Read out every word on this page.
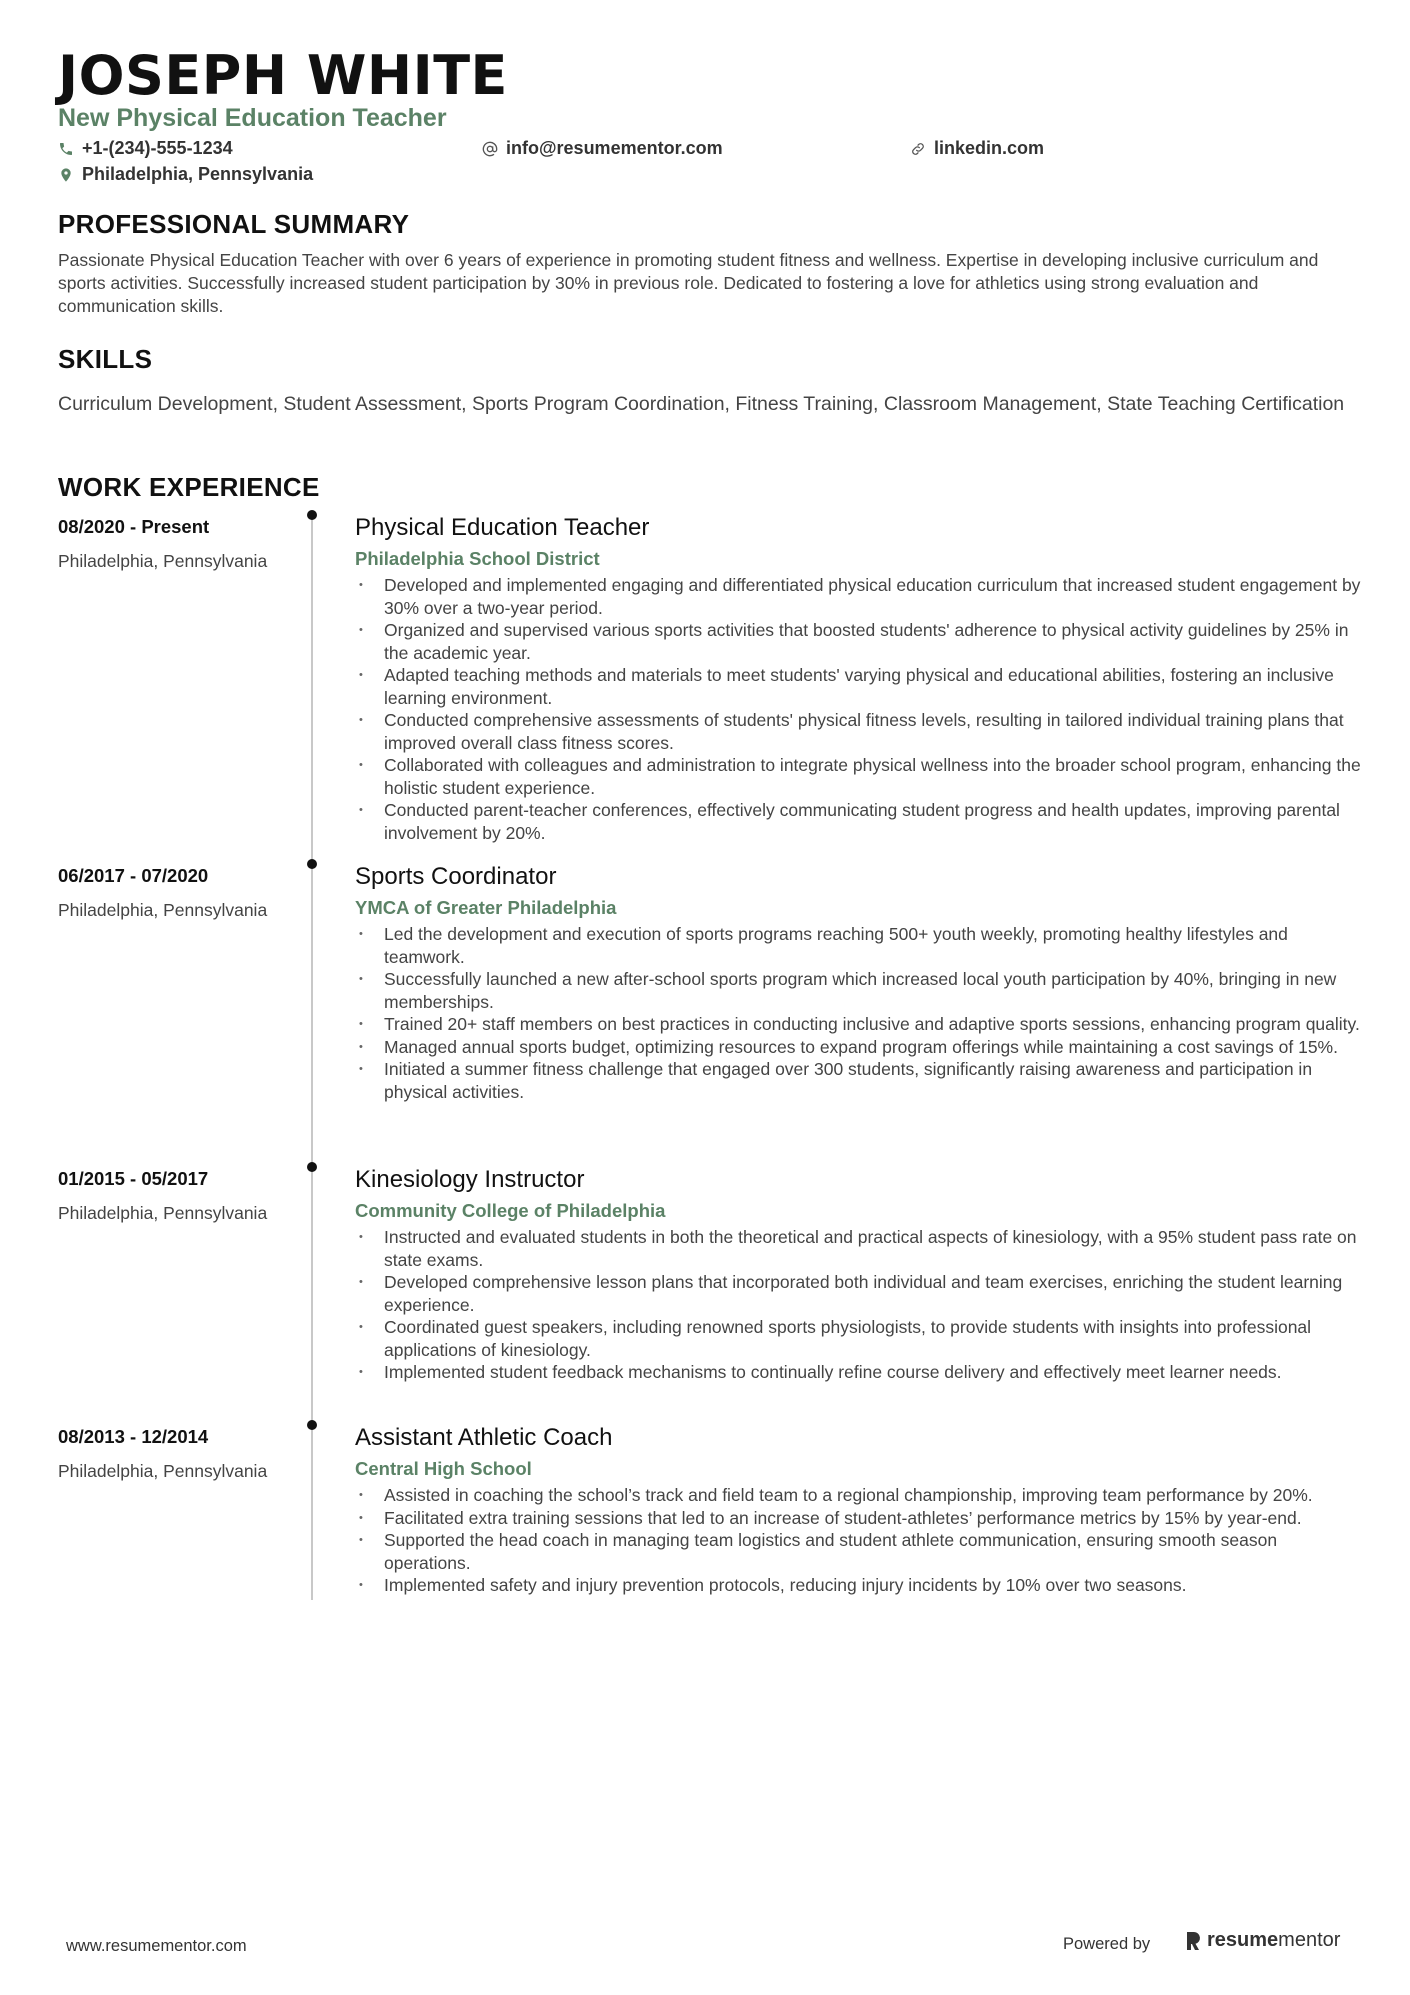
JOSEPH WHITE
New Physical Education Teacher
+1-(234)-555-1234	info@resumementor.com	linkedin.com
Philadelphia, Pennsylvania
PROFESSIONAL SUMMARY

Passionate Physical Education Teacher with over 6 years of experience in promoting student fitness and wellness. Expertise in developing inclusive curriculum and sports activities. Successfully increased student participation by 30% in previous role. Dedicated to fostering a love for athletics using strong evaluation and communication skills.

SKILLS

Curriculum Development, Student Assessment, Sports Program Coordination, Fitness Training, Classroom Management, State Teaching Certification

WORK EXPERIENCE
08/2020 - Present
Philadelphia, Pennsylvania
Physical Education Teacher
Philadelphia School District
• Developed and implemented engaging and differentiated physical education curriculum that increased student engagement by 30% over a two-year period.
• Organized and supervised various sports activities that boosted students' adherence to physical activity guidelines by 25% in the academic year.
• Adapted teaching methods and materials to meet students' varying physical and educational abilities, fostering an inclusive learning environment.
• Conducted comprehensive assessments of students' physical fitness levels, resulting in tailored individual training plans that improved overall class fitness scores.
• Collaborated with colleagues and administration to integrate physical wellness into the broader school program, enhancing the holistic student experience.
• Conducted parent-teacher conferences, effectively communicating student progress and health updates, improving parental involvement by 20%.
06/2017 - 07/2020
Philadelphia, Pennsylvania
Sports Coordinator
YMCA of Greater Philadelphia
• Led the development and execution of sports programs reaching 500+ youth weekly, promoting healthy lifestyles and teamwork.
• Successfully launched a new after-school sports program which increased local youth participation by 40%, bringing in new memberships.
• Trained 20+ staff members on best practices in conducting inclusive and adaptive sports sessions, enhancing program quality.
• Managed annual sports budget, optimizing resources to expand program offerings while maintaining a cost savings of 15%.
• Initiated a summer fitness challenge that engaged over 300 students, significantly raising awareness and participation in physical activities.
01/2015 - 05/2017
Philadelphia, Pennsylvania
Kinesiology Instructor
Community College of Philadelphia
• Instructed and evaluated students in both the theoretical and practical aspects of kinesiology, with a 95% student pass rate on state exams.
• Developed comprehensive lesson plans that incorporated both individual and team exercises, enriching the student learning experience.
• Coordinated guest speakers, including renowned sports physiologists, to provide students with insights into professional applications of kinesiology.
• Implemented student feedback mechanisms to continually refine course delivery and effectively meet learner needs.
08/2013 - 12/2014
Philadelphia, Pennsylvania
Assistant Athletic Coach
Central High School
• Assisted in coaching the school’s track and field team to a regional championship, improving team performance by 20%.
• Facilitated extra training sessions that led to an increase of student-athletes’ performance metrics by 15% by year-end.
• Supported the head coach in managing team logistics and student athlete communication, ensuring smooth season operations.
• Implemented safety and injury prevention protocols, reducing injury incidents by 10% over two seasons.
www.resumementor.com	Powered by	resume mentor
